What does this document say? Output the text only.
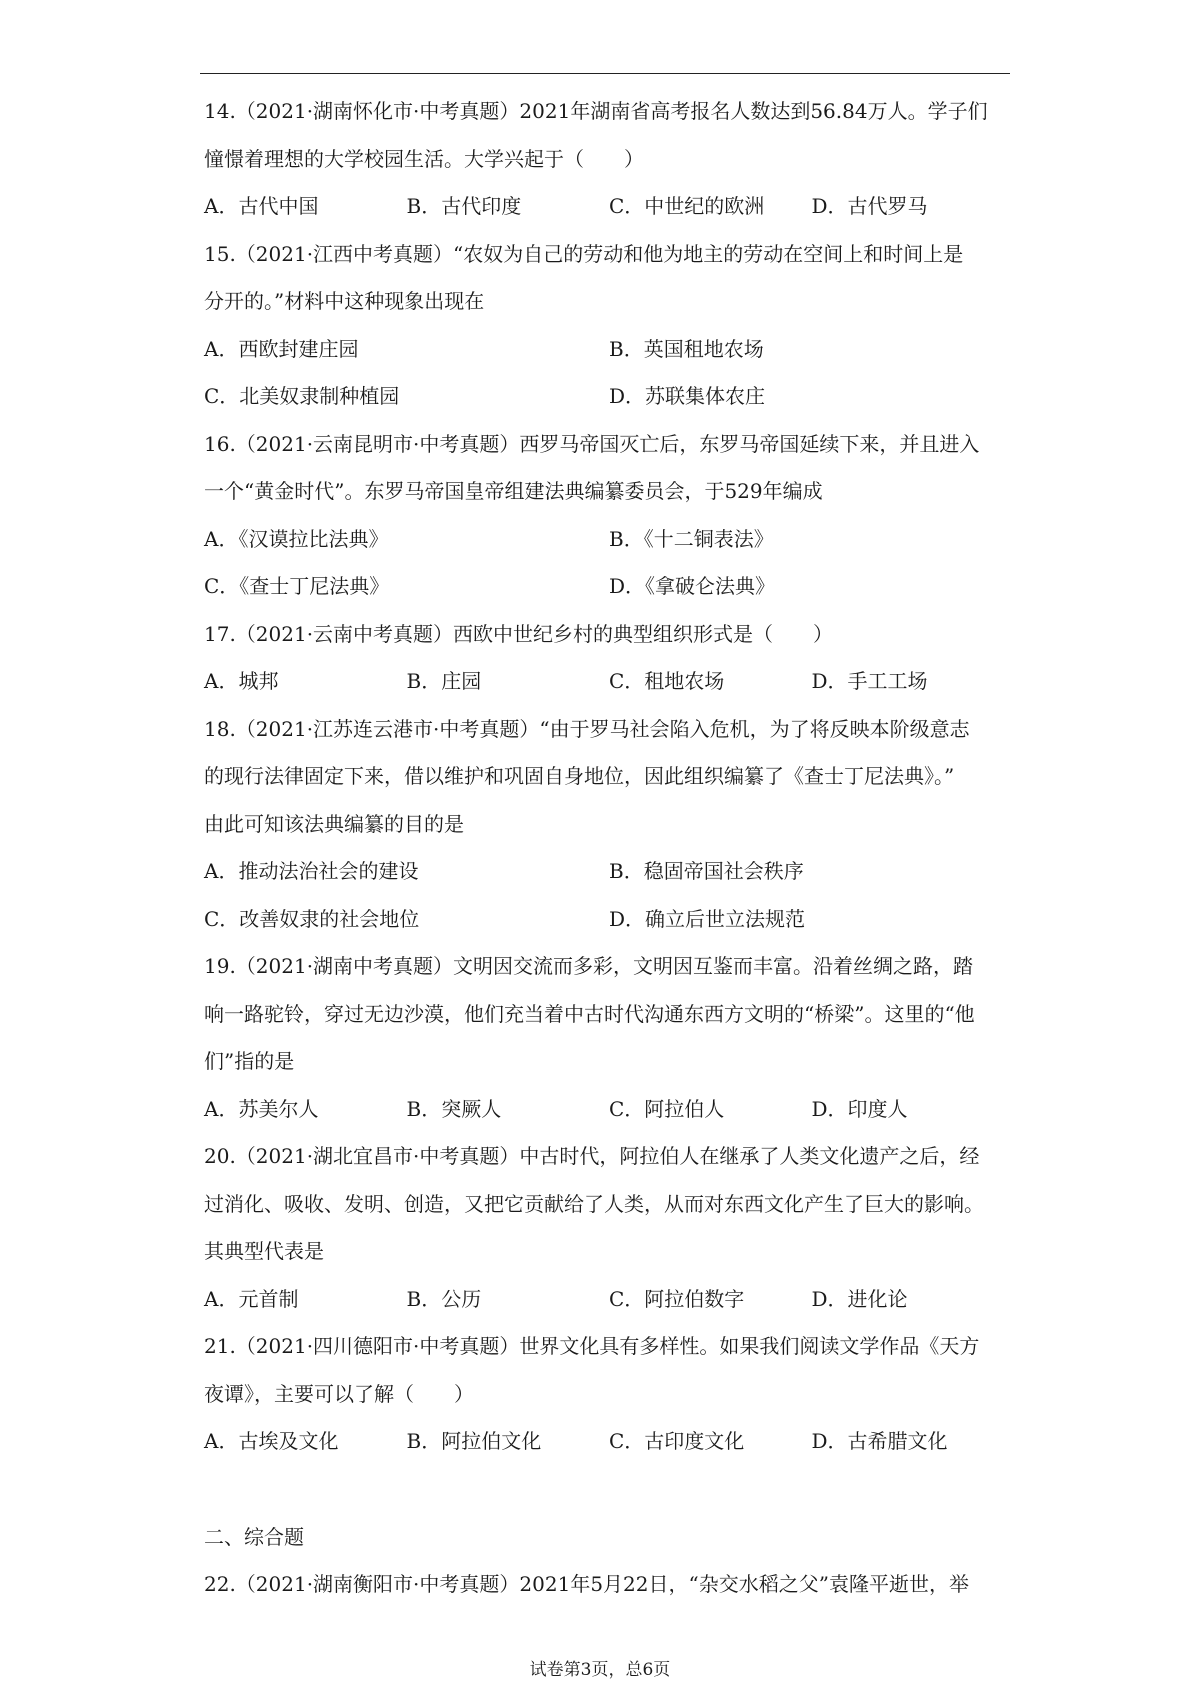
14.（2021·湖南怀化市·中考真题）2021年湖南省高考报名人数达到56.84万人。学子们
憧憬着理想的大学校园生活。大学兴起于（　　）
A．古代中国	B．古代印度	C．中世纪的欧洲	D．古代罗马
15.（2021·江西中考真题）“农奴为自己的劳动和他为地主的劳动在空间上和时间上是
分开的。”材料中这种现象出现在
A．西欧封建庄园	B．英国租地农场
C．北美奴隶制种植园	D．苏联集体农庄
16.（2021·云南昆明市·中考真题）西罗马帝国灭亡后，东罗马帝国延续下来，并且进入
一个“黄金时代”。东罗马帝国皇帝组建法典编纂委员会，于529年编成
A．《汉谟拉比法典》	B．《十二铜表法》
C．《查士丁尼法典》	D．《拿破仑法典》
17.（2021·云南中考真题）西欧中世纪乡村的典型组织形式是（　　）
A．城邦	B．庄园	C．租地农场	D．手工工场
18.（2021·江苏连云港市·中考真题）“由于罗马社会陷入危机，为了将反映本阶级意志
的现行法律固定下来，借以维护和巩固自身地位，因此组织编纂了《查士丁尼法典》。”
由此可知该法典编纂的目的是
A．推动法治社会的建设	B．稳固帝国社会秩序
C．改善奴隶的社会地位	D．确立后世立法规范
19.（2021·湖南中考真题）文明因交流而多彩，文明因互鉴而丰富。沿着丝绸之路，踏
响一路驼铃，穿过无边沙漠，他们充当着中古时代沟通东西方文明的“桥梁”。这里的“他
们”指的是
A．苏美尔人	B．突厥人	C．阿拉伯人	D．印度人
20.（2021·湖北宜昌市·中考真题）中古时代，阿拉伯人在继承了人类文化遗产之后，经
过消化、吸收、发明、创造，又把它贡献给了人类，从而对东西文化产生了巨大的影响。
其典型代表是
A．元首制	B．公历	C．阿拉伯数字	D．进化论
21.（2021·四川德阳市·中考真题）世界文化具有多样性。如果我们阅读文学作品《天方
夜谭》，主要可以了解（　　）
A．古埃及文化	B．阿拉伯文化	C．古印度文化	D．古希腊文化
二、综合题
22.（2021·湖南衡阳市·中考真题）2021年5月22日，“杂交水稻之父”袁隆平逝世，举
试卷第3页，总6页
